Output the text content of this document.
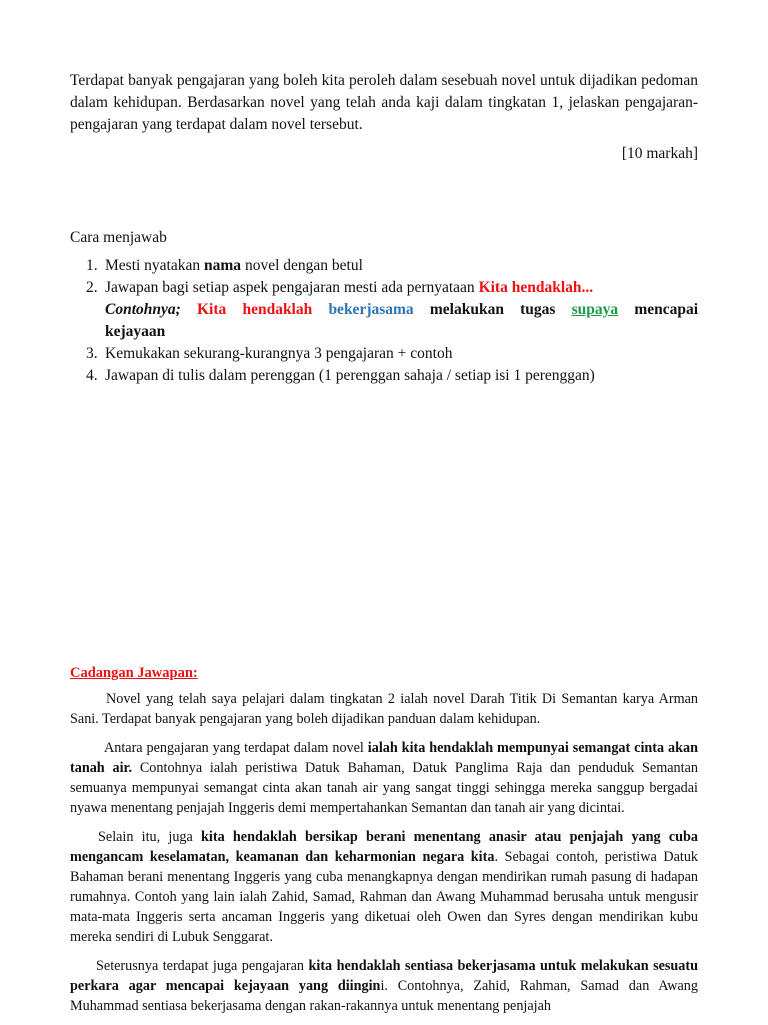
Terdapat banyak pengajaran yang boleh kita peroleh dalam sesebuah novel untuk dijadikan pedoman dalam kehidupan. Berdasarkan novel yang telah anda kaji dalam tingkatan 1, jelaskan pengajaran-pengajaran yang terdapat dalam novel tersebut.
[10 markah]
Cara menjawab
1. Mesti nyatakan nama novel dengan betul
2. Jawapan bagi setiap aspek pengajaran mesti ada pernyataan Kita hendaklah...
Contohnya; Kita hendaklah bekerjasama melakukan tugas supaya mencapai
kejayaan
3. Kemukakan sekurang-kurangnya 3 pengajaran + contoh
4. Jawapan di tulis dalam perenggan (1 perenggan sahaja / setiap isi 1 perenggan)
Cadangan Jawapan:

Novel yang telah saya pelajari dalam tingkatan 2 ialah novel Darah Titik Di Semantan karya Arman Sani. Terdapat banyak pengajaran yang boleh dijadikan panduan dalam kehidupan.

Antara pengajaran yang terdapat dalam novel ialah kita hendaklah mempunyai semangat cinta akan tanah air. Contohnya ialah peristiwa Datuk Bahaman, Datuk Panglima Raja dan penduduk Semantan semuanya mempunyai semangat cinta akan tanah air yang sangat tinggi sehingga mereka sanggup bergadai nyawa menentang penjajah Inggeris demi mempertahankan Semantan dan tanah air yang dicintai.

Selain itu, juga kita hendaklah bersikap berani menentang anasir atau penjajah yang cuba mengancam keselamatan, keamanan dan keharmonian negara kita. Sebagai contoh, peristiwa Datuk Bahaman berani menentang Inggeris yang cuba menangkapnya dengan mendirikan rumah pasung di hadapan rumahnya. Contoh yang lain ialah Zahid, Samad, Rahman dan Awang Muhammad berusaha untuk mengusir mata-mata Inggeris serta ancaman Inggeris yang diketuai oleh Owen dan Syres dengan mendirikan kubu mereka sendiri di Lubuk Senggarat.

Seterusnya terdapat juga pengajaran kita hendaklah sentiasa bekerjasama untuk melakukan sesuatu perkara agar mencapai kejayaan yang diingini. Contohnya, Zahid, Rahman, Samad dan Awang Muhammad sentiasa bekerjasama dengan rakan-rakannya untuk menentang penjajah
